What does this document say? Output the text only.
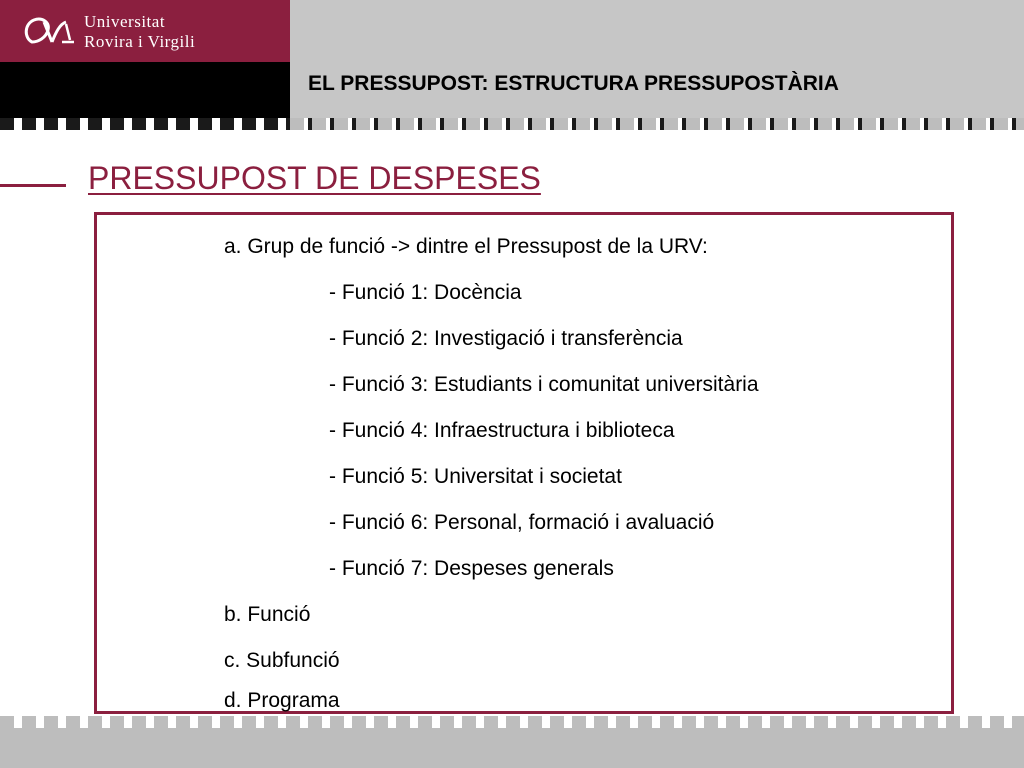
Universitat
Rovira i Virgili
EL PRESSUPOST: ESTRUCTURA PRESSUPOSTÀRIA
PRESSUPOST DE DESPESES
a. Grup de funció -> dintre el Pressupost de la URV:
- Funció 1: Docència
- Funció 2: Investigació i transferència
- Funció 3: Estudiants i comunitat universitària
- Funció 4: Infraestructura i biblioteca
- Funció 5: Universitat i societat
- Funció 6: Personal, formació i avaluació
- Funció 7: Despeses generals
b. Funció
c. Subfunció
d. Programa
